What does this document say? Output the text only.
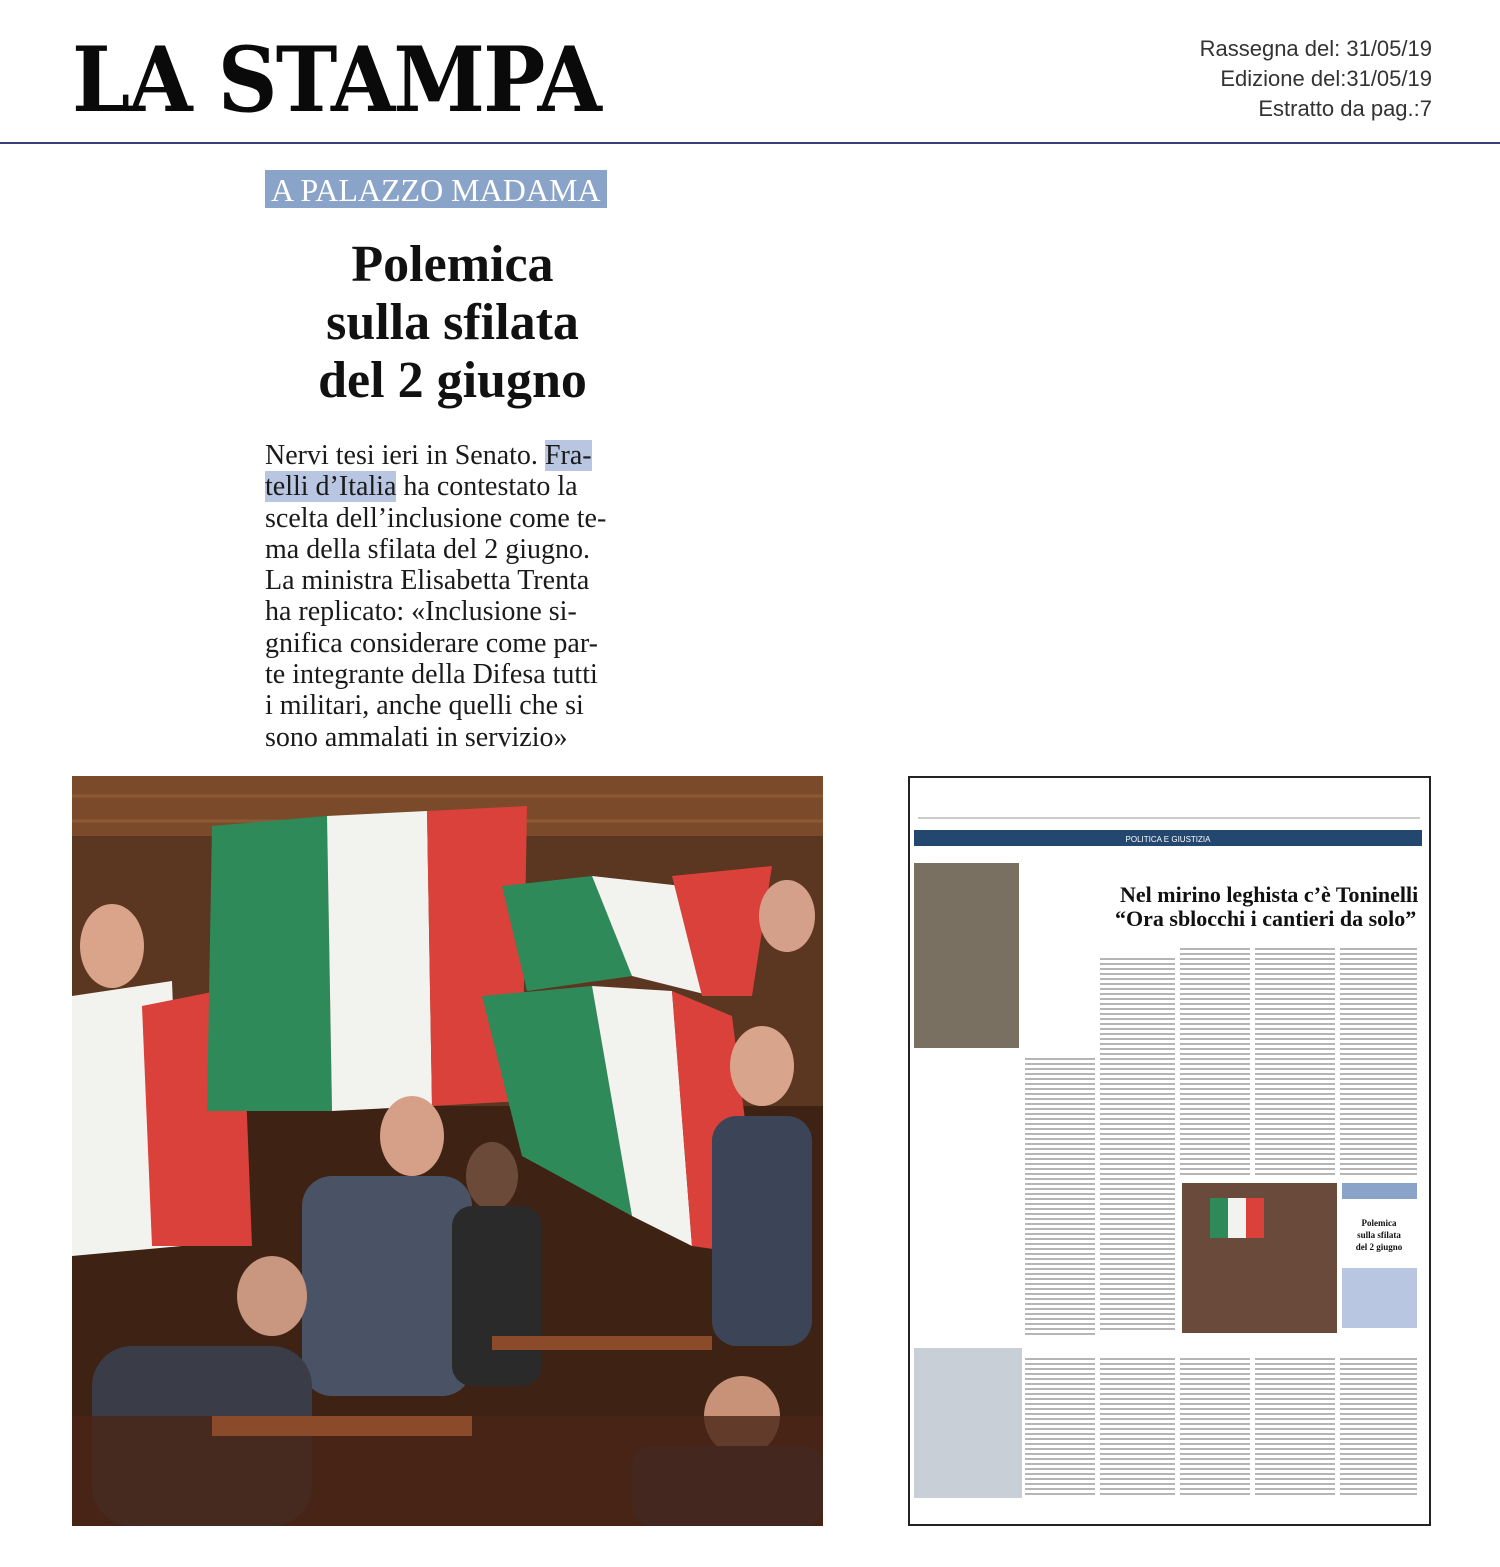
LA STAMPA	Rassegna del: 31/05/19
Edizione del:31/05/19
Estratto da pag.:7
A PALAZZO MADAMA
Polemica
sulla sfilata
del 2 giugno
Nervi tesi ieri in Senato. Fra-
telli d’Italia ha contestato la
scelta dell’inclusione come te-
ma della sfilata del 2 giugno.
La ministra Elisabetta Trenta
ha replicato: «Inclusione si-
gnifica considerare come par-
te integrante della Difesa tutti
i militari, anche quelli che si
sono ammalati in servizio»
POLITICA E GIUSTIZIA
Nel mirino leghista c’è Toninelli
“Ora sblocchi i cantieri da solo”
Polemica
sulla sfilata
del 2 giugno
